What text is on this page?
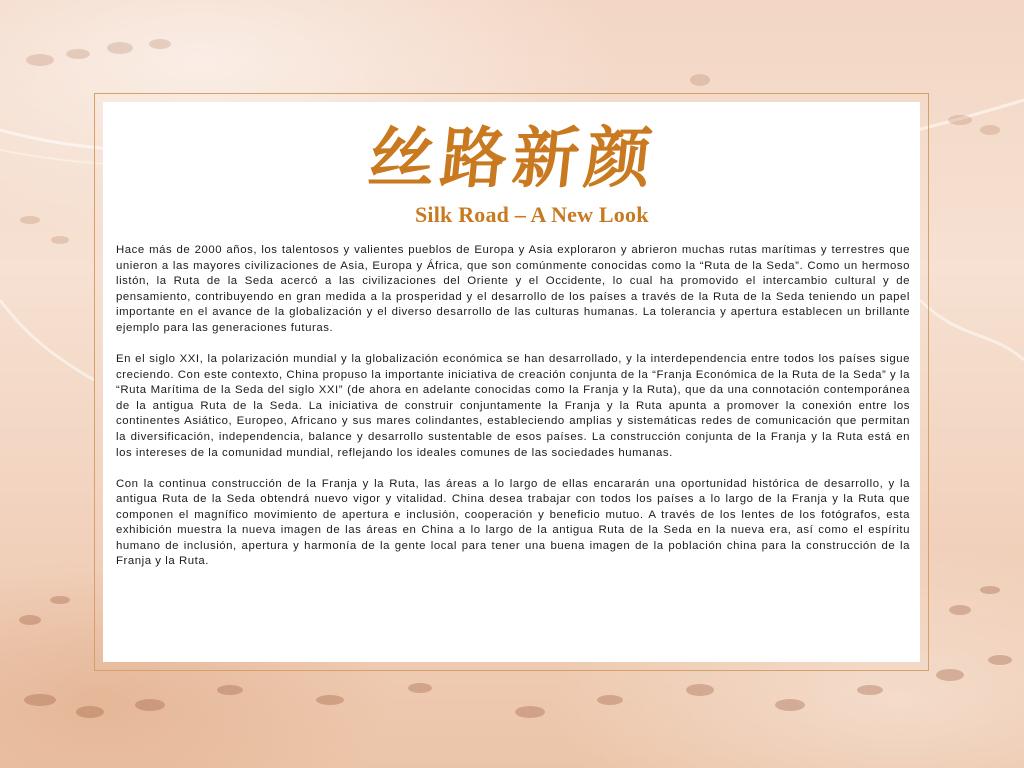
丝路新颜
Silk Road – A New Look

Hace más de 2000 años, los talentosos y valientes pueblos de Europa y Asia exploraron y abrieron muchas rutas marítimas y terrestres que unieron a las mayores civilizaciones de Asia, Europa y África, que son comúnmente conocidas como la “Ruta de la Seda”. Como un hermoso listón, la Ruta de la Seda acercó a las civilizaciones del Oriente y el Occidente, lo cual ha promovido el intercambio cultural y de pensamiento, contribuyendo en gran medida a la prosperidad y el desarrollo de los países a través de la Ruta de la Seda teniendo un papel importante en el avance de la globalización y el diverso desarrollo de las culturas humanas. La tolerancia y apertura establecen un brillante ejemplo para las generaciones futuras.

En el siglo XXI, la polarización mundial y la globalización económica se han desarrollado, y la interdependencia entre todos los países sigue creciendo. Con este contexto, China propuso la importante iniciativa de creación conjunta de la “Franja Económica de la Ruta de la Seda” y la “Ruta Marítima de la Seda del siglo XXI” (de ahora en adelante conocidas como la Franja y la Ruta), que da una connotación contemporánea de la antigua Ruta de la Seda. La iniciativa de construir conjuntamente la Franja y la Ruta apunta a promover la conexión entre los continentes Asiático, Europeo, Africano y sus mares colindantes, estableciendo amplias y sistemáticas redes de comunicación que permitan la diversificación, independencia, balance y desarrollo sustentable de esos países. La construcción conjunta de la Franja y la Ruta está en los intereses de la comunidad mundial, reflejando los ideales comunes de las sociedades humanas.

Con la continua construcción de la Franja y la Ruta, las áreas a lo largo de ellas encararán una oportunidad histórica de desarrollo, y la antigua Ruta de la Seda obtendrá nuevo vigor y vitalidad. China desea trabajar con todos los países a lo largo de la Franja y la Ruta que componen el magnífico movimiento de apertura e inclusión, cooperación y beneficio mutuo. A través de los lentes de los fotógrafos, esta exhibición muestra la nueva imagen de las áreas en China a lo largo de la antigua Ruta de la Seda en la nueva era, así como el espíritu humano de inclusión, apertura y harmonía de la gente local para tener una buena imagen de la población china para la construcción de la Franja y la Ruta.
